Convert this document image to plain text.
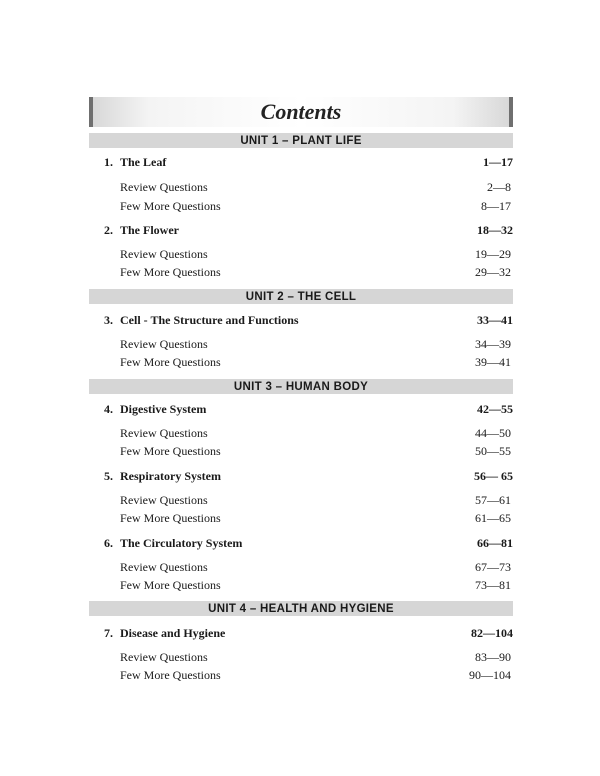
Contents
UNIT 1 – PLANT LIFE
1. The Leaf	1—17
Review Questions	2—8
Few More Questions	8—17
2. The Flower	18—32
Review Questions	19—29
Few More Questions	29—32
UNIT 2 – THE CELL
3. Cell - The Structure and Functions	33—41
Review Questions	34—39
Few More Questions	39—41
UNIT 3 – HUMAN BODY
4. Digestive System	42—55
Review Questions	44—50
Few More Questions	50—55
5. Respiratory System	56— 65
Review Questions	57—61
Few More Questions	61—65
6. The Circulatory System	66—81
Review Questions	67—73
Few More Questions	73—81
UNIT 4 – HEALTH AND HYGIENE
7. Disease and Hygiene	82—104
Review Questions	83—90
Few More Questions	90—104
